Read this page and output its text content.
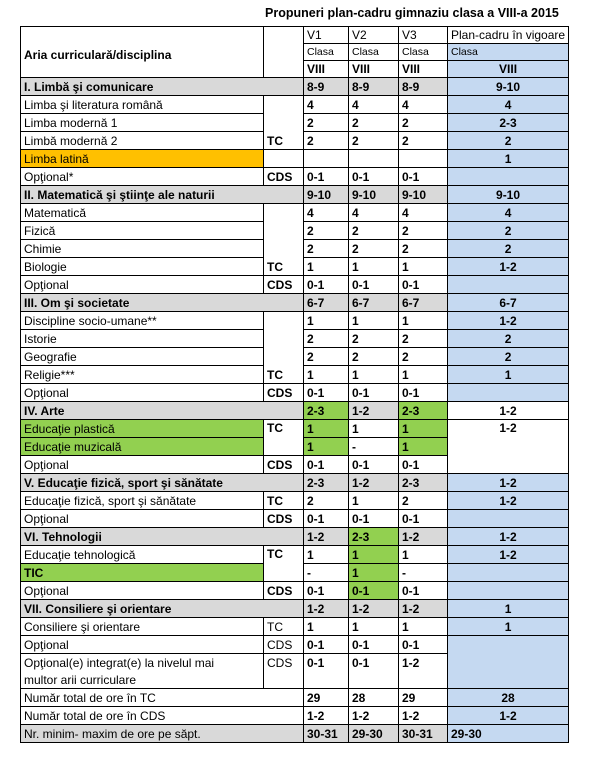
Propuneri plan-cadru gimnaziu clasa a VIII-a 2015
Aria curriculară/disciplina		V1	V2	V3	Plan-cadru în vigoare
		Clasa	Clasa	Clasa	Clasa
		VIII	VIII	VIII	VIII
I. Limbă şi comunicare		8-9	8-9	8-9	9-10
Limba şi literatura română	TC	4	4	4	4
Limba modernă 1		2	2	2	2-3
Limbă modernă 2		2	2	2	2
Limba latină					1
Opţional*	CDS	0-1	0-1	0-1	
II. Matematică şi ştiinţe ale naturii		9-10	9-10	9-10	9-10
Matematică	TC	4	4	4	4
Fizică		2	2	2	2
Chimie		2	2	2	2
Biologie		1	1	1	1-2
Opţional	CDS	0-1	0-1	0-1	
III. Om şi societate		6-7	6-7	6-7	6-7
Discipline socio-umane**	TC	1	1	1	1-2
Istorie		2	2	2	2
Geografie		2	2	2	2
Religie***		1	1	1	1
Opţional	CDS	0-1	0-1	0-1	
IV. Arte		2-3	1-2	2-3	1-2
Educaţie plastică	TC	1	1	1	1-2
Educaţie muzicală		1	-	1	
Opţional	CDS	0-1	0-1	0-1	
V. Educaţie fizică, sport şi sănătate		2-3	1-2	2-3	1-2
Educaţie fizică, sport şi sănătate	TC	2	1	2	1-2
Opţional	CDS	0-1	0-1	0-1	
VI. Tehnologii		1-2	2-3	1-2	1-2
Educaţie tehnologică	TC	1	1	1	1-2
TIC		-	1	-	
Opţional	CDS	0-1	0-1	0-1	
VII. Consiliere şi orientare		1-2	1-2	1-2	1
Consiliere şi orientare	TC	1	1	1	1
Opţional	CDS	0-1	0-1	0-1	
Opţional(e) integrat(e) la nivelul mai	CDS	0-1	0-1	1-2	
multor arii curriculare					
Număr total de ore în TC		29	28	29	28
Număr total de ore în CDS		1-2	1-2	1-2	1-2
Nr. minim- maxim de ore pe săpt.		30-31	29-30	30-31	29-30
